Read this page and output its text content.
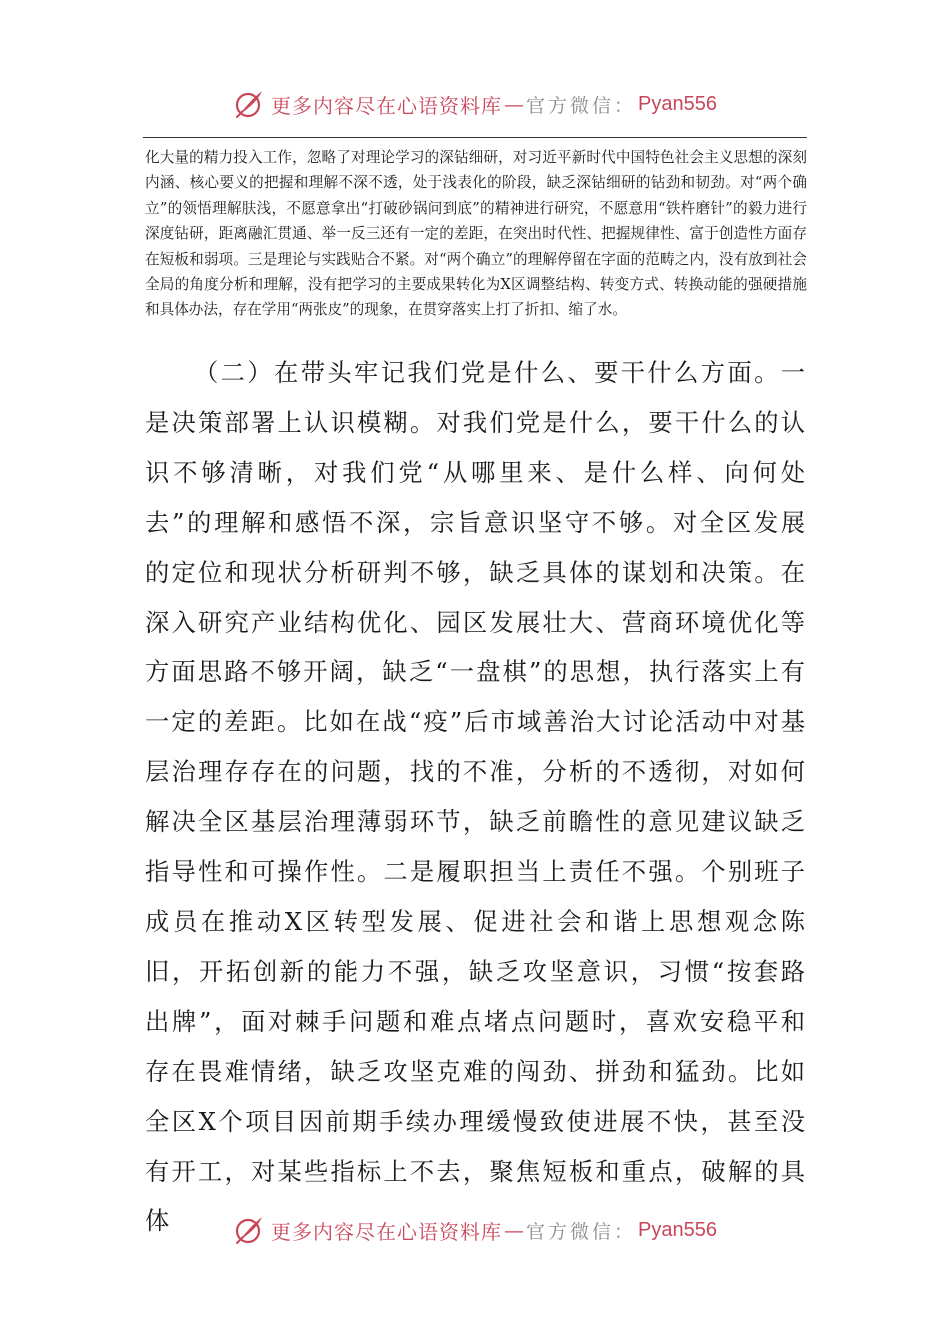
更多内容尽在心语资料库 — 官方微信： Pyan556

化大量的精力投入工作，忽略了对理论学习的深钻细研，对习近平新时代中国特色社会主义思想的深刻内涵、核心要义的把握和理解不深不透，处于浅表化的阶段，缺乏深钻细研的钻劲和韧劲。对“两个确立”的领悟理解肤浅，不愿意拿出“打破砂锅问到底”的精神进行研究，不愿意用“铁杵磨针”的毅力进行深度钻研，距离融汇贯通、举一反三还有一定的差距，在突出时代性、把握规律性、富于创造性方面存在短板和弱项。三是理论与实践贴合不紧。对“两个确立”的理解停留在字面的范畴之内，没有放到社会全局的角度分析和理解，没有把学习的主要成果转化为X区调整结构、转变方式、转换动能的强硬措施和具体办法，存在学用“两张皮”的现象，在贯穿落实上打了折扣、缩了水。

（二）在带头牢记我们党是什么、要干什么方面。一是决策部署上认识模糊。对我们党是什么，要干什么的认识不够清晰，对我们党“从哪里来、是什么样、向何处去”的理解和感悟不深，宗旨意识坚守不够。对全区发展的定位和现状分析研判不够，缺乏具体的谋划和决策。在深入研究产业结构优化、园区发展壮大、营商环境优化等方面思路不够开阔，缺乏“一盘棋”的思想，执行落实上有一定的差距。比如在战“疫”后市域善治大讨论活动中对基层治理存存在的问题，找的不准，分析的不透彻，对如何解决全区基层治理薄弱环节，缺乏前瞻性的意见建议缺乏指导性和可操作性。二是履职担当上责任不强。个别班子成员在推动X区转型发展、促进社会和谐上思想观念陈旧，开拓创新的能力不强，缺乏攻坚意识，习惯“按套路出牌”，面对棘手问题和难点堵点问题时，喜欢安稳平和存在畏难情绪，缺乏攻坚克难的闯劲、拼劲和猛劲。比如全区X个项目因前期手续办理缓慢致使进展不快，甚至没有开工，对某些指标上不去，聚焦短板和重点，破解的具体	更多内容尽在心语资料库 — 官方微信： Pyan556
